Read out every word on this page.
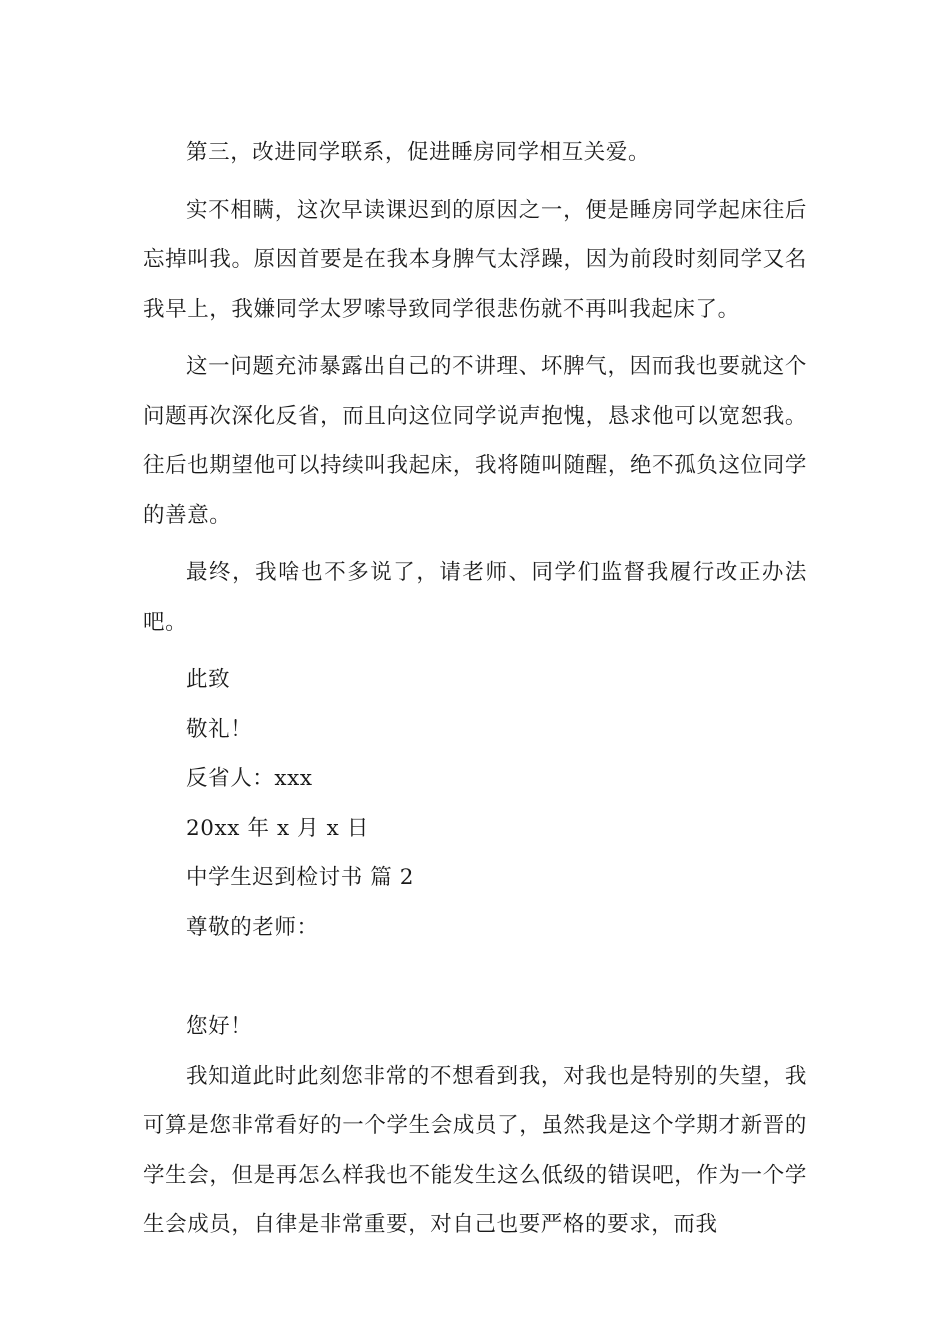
第三，改进同学联系，促进睡房同学相互关爱。

实不相瞒，这次早读课迟到的原因之一，便是睡房同学起床往后忘掉叫我。原因首要是在我本身脾气太浮躁，因为前段时刻同学又名我早上，我嫌同学太罗嗦导致同学很悲伤就不再叫我起床了。

这一问题充沛暴露出自己的不讲理、坏脾气，因而我也要就这个问题再次深化反省，而且向这位同学说声抱愧，恳求他可以宽恕我。往后也期望他可以持续叫我起床，我将随叫随醒，绝不孤负这位同学的善意。

最终，我啥也不多说了，请老师、同学们监督我履行改正办法吧。

此致

敬礼！

反省人：xxx

20xx 年 x 月 x 日

中学生迟到检讨书 篇 2

尊敬的老师：

您好！

我知道此时此刻您非常的不想看到我，对我也是特别的失望，我可算是您非常看好的一个学生会成员了，虽然我是这个学期才新晋的学生会，但是再怎么样我也不能发生这么低级的错误吧，作为一个学生会成员，自律是非常重要，对自己也要严格的要求，而我
